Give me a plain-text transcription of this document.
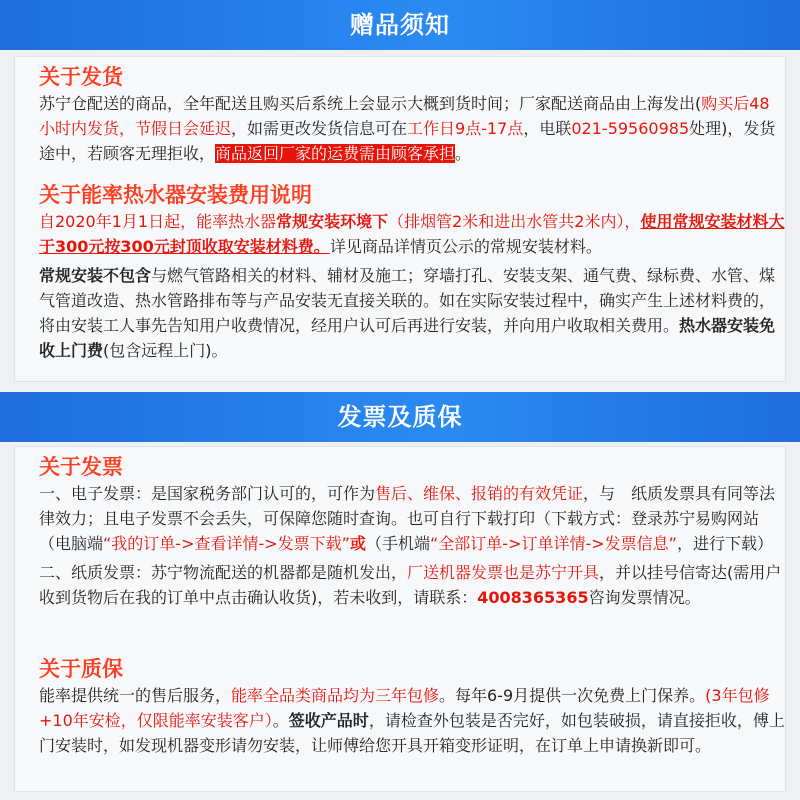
赠品须知
关于发货

苏宁仓配送的商品，全年配送且购买后系统上会显示大概到货时间；厂家配送商品由上海发出(购买后48小时内发货，节假日会延迟，如需更改发货信息可在工作日9点-17点，电联021-59560985处理)，发货途中，若顾客无理拒收，商品返回厂家的运费需由顾客承担。

关于能率热水器安装费用说明

自2020年1月1日起，能率热水器常规安装环境下（排烟管2米和进出水管共2米内），使用常规安装材料大于300元按300元封顶收取安装材料费。详见商品详情页公示的常规安装材料。

常规安装不包含与燃气管路相关的材料、辅材及施工；穿墙打孔、安装支架、通气费、绿标费、水管、煤气管道改造、热水管路排布等与产品安装无直接关联的。如在实际安装过程中，确实产生上述材料费的，将由安装工人事先告知用户收费情况，经用户认可后再进行安装，并向用户收取相关费用。热水器安装免收上门费(包含远程上门)。

发票及质保
关于发票

一、电子发票：是国家税务部门认可的，可作为售后、维保、报销的有效凭证，与　纸质发票具有同等法律效力；且电子发票不会丢失，可保障您随时查询。也可自行下载打印（下载方式：登录苏宁易购网站（电脑端“我的订单->查看详情->发票下载”或（手机端“全部订单->订单详情->发票信息”，进行下载）

二、纸质发票：苏宁物流配送的机器都是随机发出，厂送机器发票也是苏宁开具，并以挂号信寄达(需用户收到货物后在我的订单中点击确认收货)，若未收到，请联系：4008365365咨询发票情况。

关于质保

能率提供统一的售后服务，能率全品类商品均为三年包修。每年6-9月提供一次免费上门保养。(3年包修+10年安检，仅限能率安装客户）。签收产品时，请检查外包装是否完好，如包装破损，请直接拒收，傅上门安装时，如发现机器变形请勿安装，让师傅给您开具开箱变形证明，在订单上申请换新即可。
